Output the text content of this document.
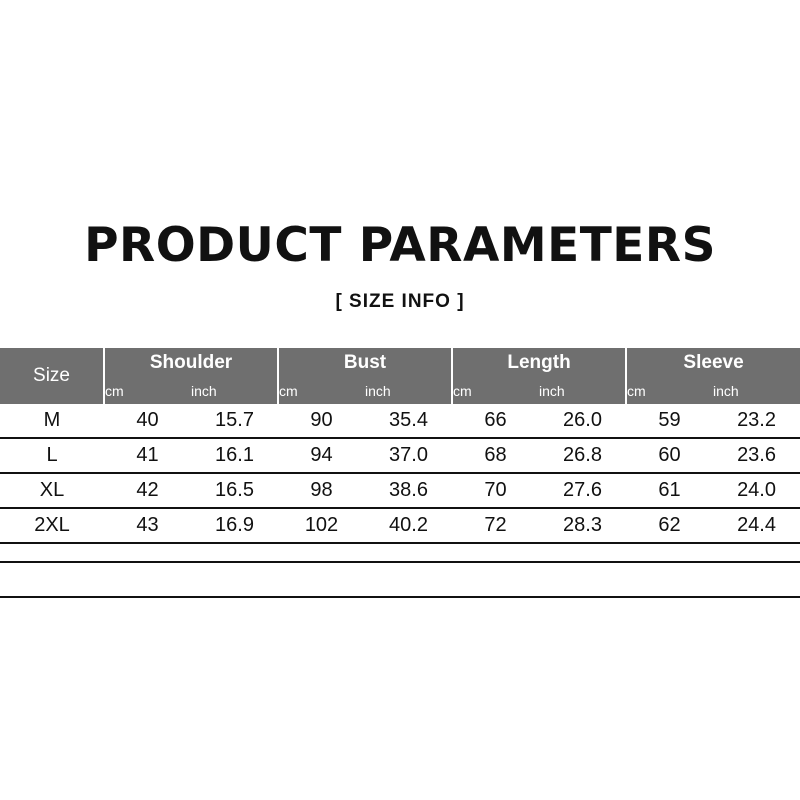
PRODUCT PARAMETERS
[ SIZE INFO ]
Size	Shoulder		Bust		Length		Sleeve	
	cm	inch	cm	inch	cm	inch	cm	inch
M	40	15.7	90	35.4	66	26.0	59	23.2
L	41	16.1	94	37.0	68	26.8	60	23.6
XL	42	16.5	98	38.6	70	27.6	61	24.0
2XL	43	16.9	102	40.2	72	28.3	62	24.4
